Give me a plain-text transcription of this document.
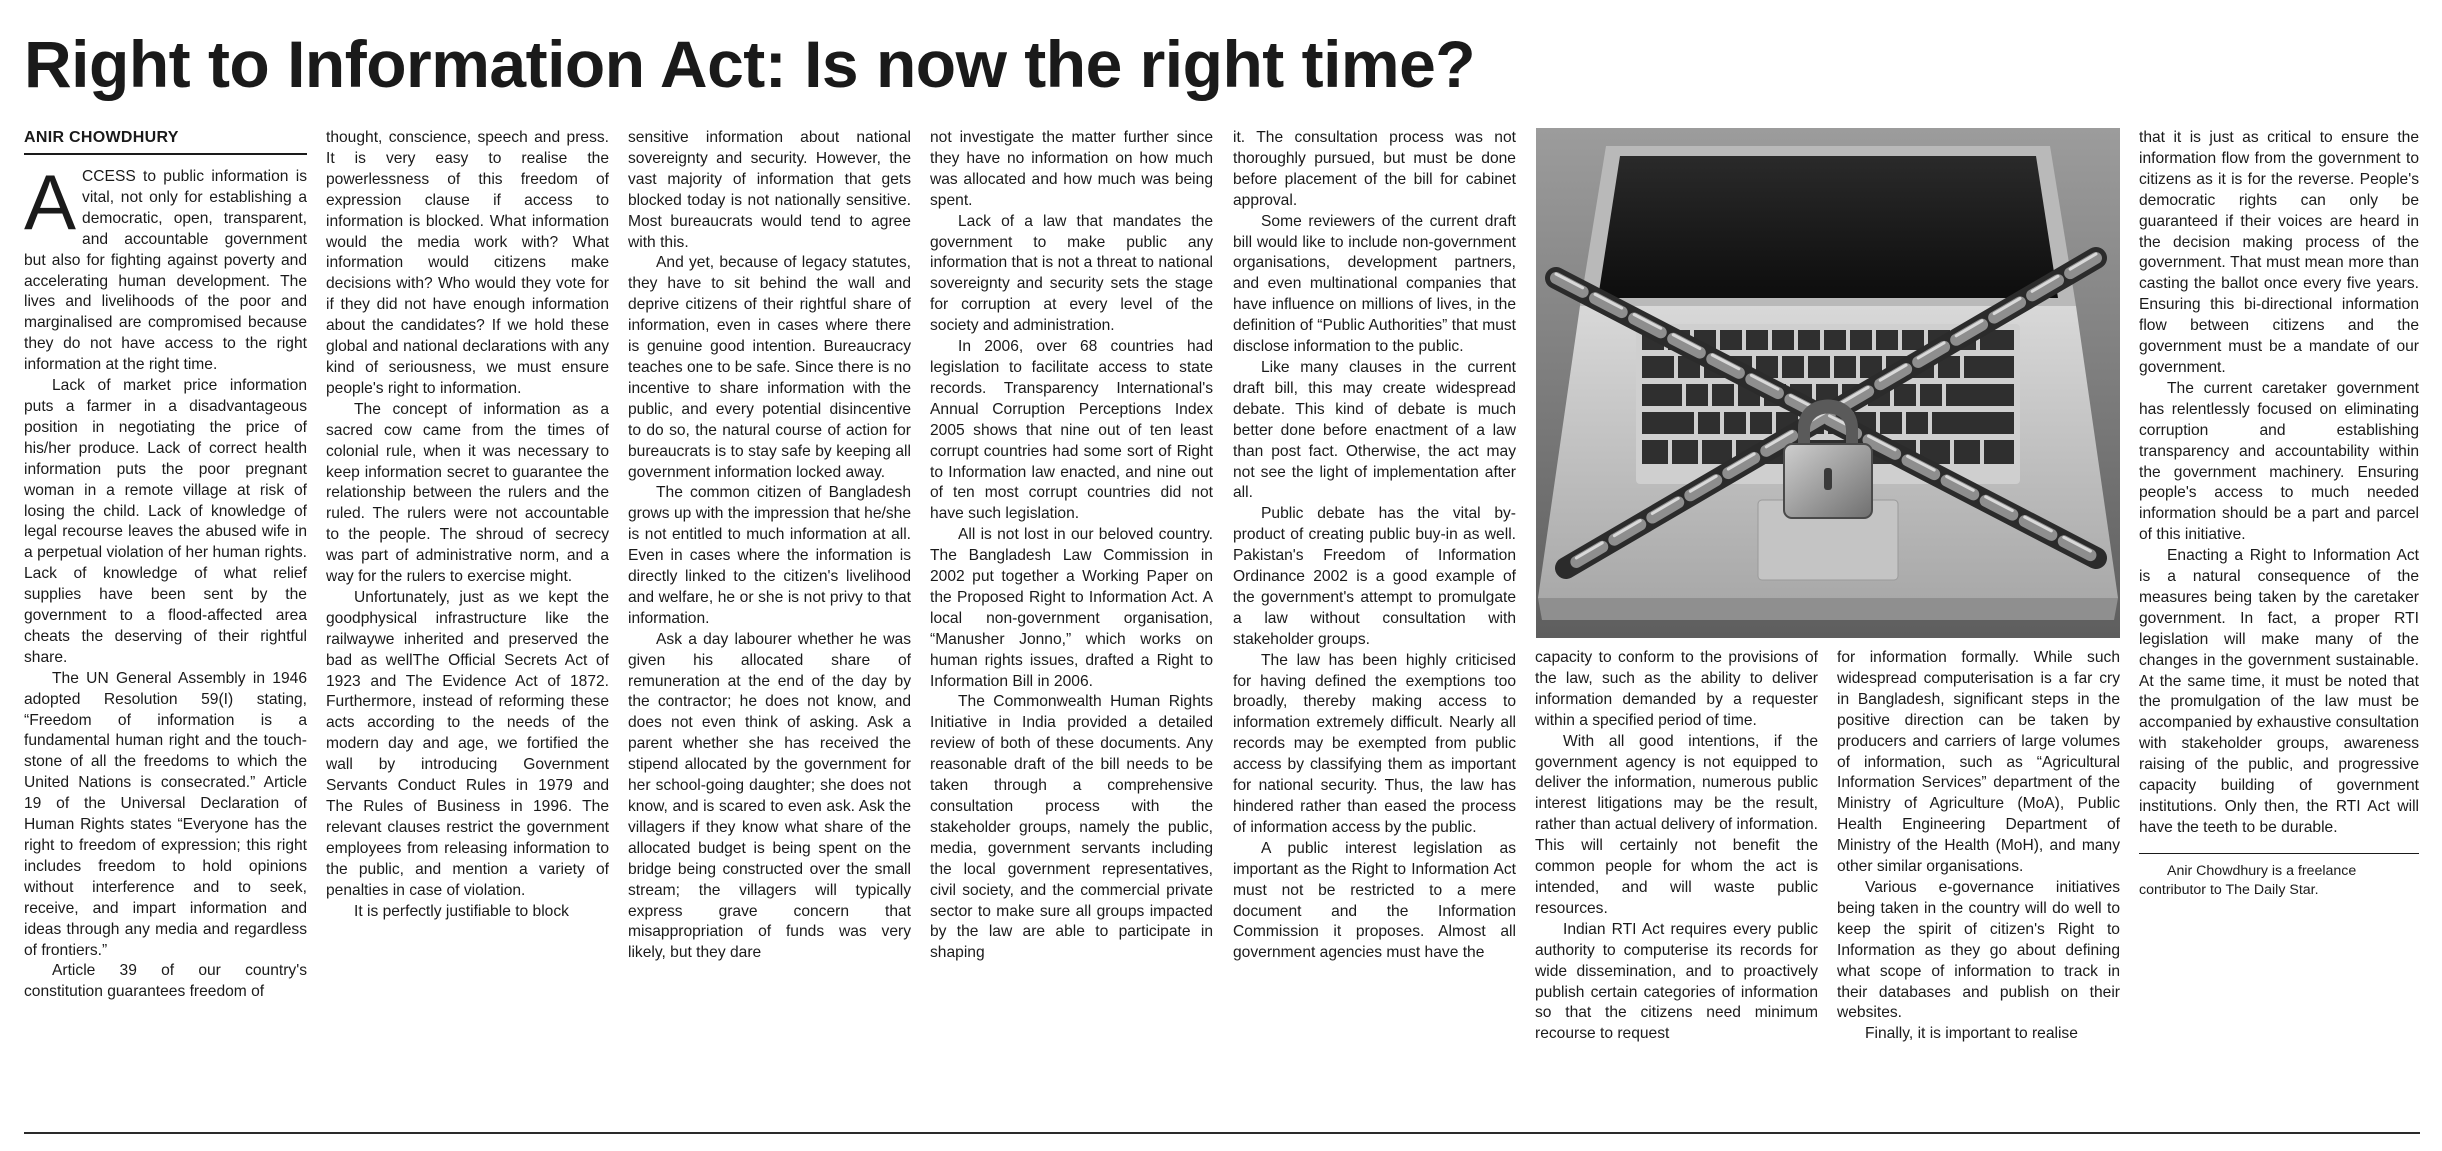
Right to Information Act: Is now the right time?
ANIR CHOWDHURY

ACCESS to public information is vital, not only for establishing a democratic, open, transparent, and accountable government but also for fighting against poverty and accelerating human development. The lives and livelihoods of the poor and marginalised are compromised because they do not have access to the right information at the right time.

Lack of market price information puts a farmer in a disadvantageous position in negotiating the price of his/her produce. Lack of correct health information puts the poor pregnant woman in a remote village at risk of losing the child. Lack of knowledge of legal recourse leaves the abused wife in a perpetual violation of her human rights. Lack of knowledge of what relief supplies have been sent by the government to a flood-affected area cheats the deserving of their rightful share.

The UN General Assembly in 1946 adopted Resolution 59(I) stating, “Freedom of information is a fundamental human right and the touch-stone of all the freedoms to which the United Nations is consecrated.” Article 19 of the Universal Declaration of Human Rights states “Everyone has the right to freedom of expression; this right includes freedom to hold opinions without interference and to seek, receive, and impart information and ideas through any media and regardless of frontiers.”

Article 39 of our country's constitution guarantees freedom of

thought, conscience, speech and press. It is very easy to realise the powerlessness of this freedom of expression clause if access to information is blocked. What information would the media work with? What information would citizens make decisions with? Who would they vote for if they did not have enough information about the candidates? If we hold these global and national declarations with any kind of seriousness, we must ensure people's right to information.

The concept of information as a sacred cow came from the times of colonial rule, when it was necessary to keep information secret to guarantee the relationship between the rulers and the ruled. The rulers were not accountable to the people. The shroud of secrecy was part of administrative norm, and a way for the rulers to exercise might.

Unfortunately, just as we kept the goodphysical infrastructure like the railwaywe inherited and preserved the bad as wellThe Official Secrets Act of 1923 and The Evidence Act of 1872. Furthermore, instead of reforming these acts according to the needs of the modern day and age, we fortified the wall by introducing Government Servants Conduct Rules in 1979 and The Rules of Business in 1996. The relevant clauses restrict the government employees from releasing information to the public, and mention a variety of penalties in case of violation.

It is perfectly justifiable to block

sensitive information about national sovereignty and security. However, the vast majority of information that gets blocked today is not nationally sensitive. Most bureaucrats would tend to agree with this.

And yet, because of legacy statutes, they have to sit behind the wall and deprive citizens of their rightful share of information, even in cases where there is genuine good intention. Bureaucracy teaches one to be safe. Since there is no incentive to share information with the public, and every potential disincentive to do so, the natural course of action for bureaucrats is to stay safe by keeping all government information locked away.

The common citizen of Bangladesh grows up with the impression that he/she is not entitled to much information at all. Even in cases where the information is directly linked to the citizen's livelihood and welfare, he or she is not privy to that information.

Ask a day labourer whether he was given his allocated share of remuneration at the end of the day by the contractor; he does not know, and does not even think of asking. Ask a parent whether she has received the stipend allocated by the government for her school-going daughter; she does not know, and is scared to even ask. Ask the villagers if they know what share of the allocated budget is being spent on the bridge being constructed over the small stream; the villagers will typically express grave concern that misappropriation of funds was very likely, but they dare

not investigate the matter further since they have no information on how much was allocated and how much was being spent.

Lack of a law that mandates the government to make public any information that is not a threat to national sovereignty and security sets the stage for corruption at every level of the society and administration.

In 2006, over 68 countries had legislation to facilitate access to state records. Transparency International's Annual Corruption Perceptions Index 2005 shows that nine out of ten least corrupt countries had some sort of Right to Information law enacted, and nine out of ten most corrupt countries did not have such legislation.

All is not lost in our beloved country. The Bangladesh Law Commission in 2002 put together a Working Paper on the Proposed Right to Information Act. A local non-government organisation, “Manusher Jonno,” which works on human rights issues, drafted a Right to Information Bill in 2006.

The Commonwealth Human Rights Initiative in India provided a detailed review of both of these documents. Any reasonable draft of the bill needs to be taken through a comprehensive consultation process with the stakeholder groups, namely the public, media, government servants including the local government representatives, civil society, and the commercial private sector to make sure all groups impacted by the law are able to participate in shaping

it. The consultation process was not thoroughly pursued, but must be done before placement of the bill for cabinet approval.

Some reviewers of the current draft bill would like to include non-government organisations, development partners, and even multinational companies that have influence on millions of lives, in the definition of “Public Authorities” that must disclose information to the public.

Like many clauses in the current draft bill, this may create widespread debate. This kind of debate is much better done before enactment of a law than post fact. Otherwise, the act may not see the light of implementation after all.

Public debate has the vital by-product of creating public buy-in as well. Pakistan's Freedom of Information Ordinance 2002 is a good example of the government's attempt to promulgate a law without consultation with stakeholder groups.

The law has been highly criticised for having defined the exemptions too broadly, thereby making access to information extremely difficult. Nearly all records may be exempted from public access by classifying them as important for national security. Thus, the law has hindered rather than eased the process of information access by the public.

A public interest legislation as important as the Right to Information Act must not be restricted to a mere document and the Information Commission it proposes. Almost all government agencies must have the

capacity to conform to the provisions of the law, such as the ability to deliver information demanded by a requester within a specified period of time.

With all good intentions, if the government agency is not equipped to deliver the information, numerous public interest litigations may be the result, rather than actual delivery of information. This will certainly not benefit the common people for whom the act is intended, and will waste public resources.

Indian RTI Act requires every public authority to computerise its records for wide dissemination, and to proactively publish certain categories of information so that the citizens need minimum recourse to request

for information formally. While such widespread computerisation is a far cry in Bangladesh, significant steps in the positive direction can be taken by producers and carriers of large volumes of information, such as “Agricultural Information Services” department of the Ministry of Agriculture (MoA), Public Health Engineering Department of Ministry of the Health (MoH), and many other similar organisations.

Various e-governance initiatives being taken in the country will do well to keep the spirit of citizen's Right to Information as they go about defining what scope of information to track in their databases and publish on their websites.

Finally, it is important to realise

that it is just as critical to ensure the information flow from the government to citizens as it is for the reverse. People's democratic rights can only be guaranteed if their voices are heard in the decision making process of the government. That must mean more than casting the ballot once every five years. Ensuring this bi-directional information flow between citizens and the government must be a mandate of our government.

The current caretaker government has relentlessly focused on eliminating corruption and establishing transparency and accountability within the government machinery. Ensuring people's access to much needed information should be a part and parcel of this initiative.

Enacting a Right to Information Act is a natural consequence of the measures being taken by the caretaker government. In fact, a proper RTI legislation will make many of the changes in the government sustainable. At the same time, it must be noted that the promulgation of the law must be accompanied by exhaustive consultation with stakeholder groups, awareness raising of the public, and progressive capacity building of government institutions. Only then, the RTI Act will have the teeth to be durable.

Anir Chowdhury is a freelance contributor to The Daily Star.
